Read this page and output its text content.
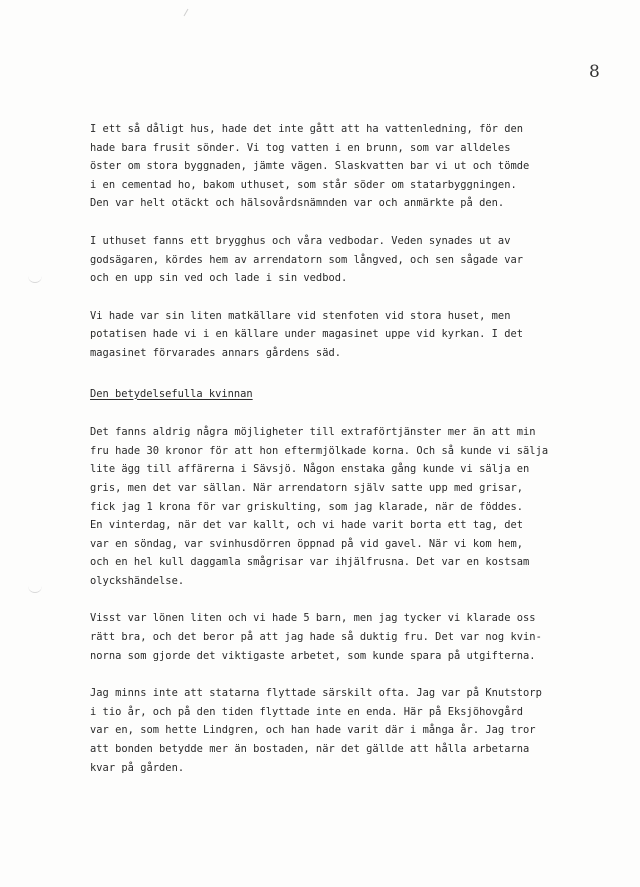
8
I ett så dåligt hus, hade det inte gått att ha vattenledning, för den
hade bara frusit sönder. Vi tog vatten i en brunn, som var alldeles
öster om stora byggnaden, jämte vägen. Slaskvatten bar vi ut och tömde
i en cementad ho, bakom uthuset, som står söder om statarbyggningen.
Den var helt otäckt och hälsovårdsnämnden var och anmärkte på den.
I uthuset fanns ett brygghus och våra vedbodar. Veden synades ut av
godsägaren, kördes hem av arrendatorn som långved, och sen sågade var
och en upp sin ved och lade i sin vedbod.
Vi hade var sin liten matkällare vid stenfoten vid stora huset, men
potatisen hade vi i en källare under magasinet uppe vid kyrkan. I det
magasinet förvarades annars gårdens säd.
Den betydelsefulla kvinnan
Det fanns aldrig några möjligheter till extraförtjänster mer än att min
fru hade 30 kronor för att hon eftermjölkade korna. Och så kunde vi sälja
lite ägg till affärerna i Sävsjö. Någon enstaka gång kunde vi sälja en
gris, men det var sällan. När arrendatorn själv satte upp med grisar,
fick jag 1 krona för var griskulting, som jag klarade, när de föddes.
En vinterdag, när det var kallt, och vi hade varit borta ett tag, det
var en söndag, var svinhusdörren öppnad på vid gavel. När vi kom hem,
och en hel kull daggamla smågrisar var ihjälfrusna. Det var en kostsam
olyckshändelse.
Visst var lönen liten och vi hade 5 barn, men jag tycker vi klarade oss
rätt bra, och det beror på att jag hade så duktig fru. Det var nog kvin-
norna som gjorde det viktigaste arbetet, som kunde spara på utgifterna.
Jag minns inte att statarna flyttade särskilt ofta. Jag var på Knutstorp
i tio år, och på den tiden flyttade inte en enda. Här på Eksjöhovgård
var en, som hette Lindgren, och han hade varit där i många år. Jag tror
att bonden betydde mer än bostaden, när det gällde att hålla arbetarna
kvar på gården.
